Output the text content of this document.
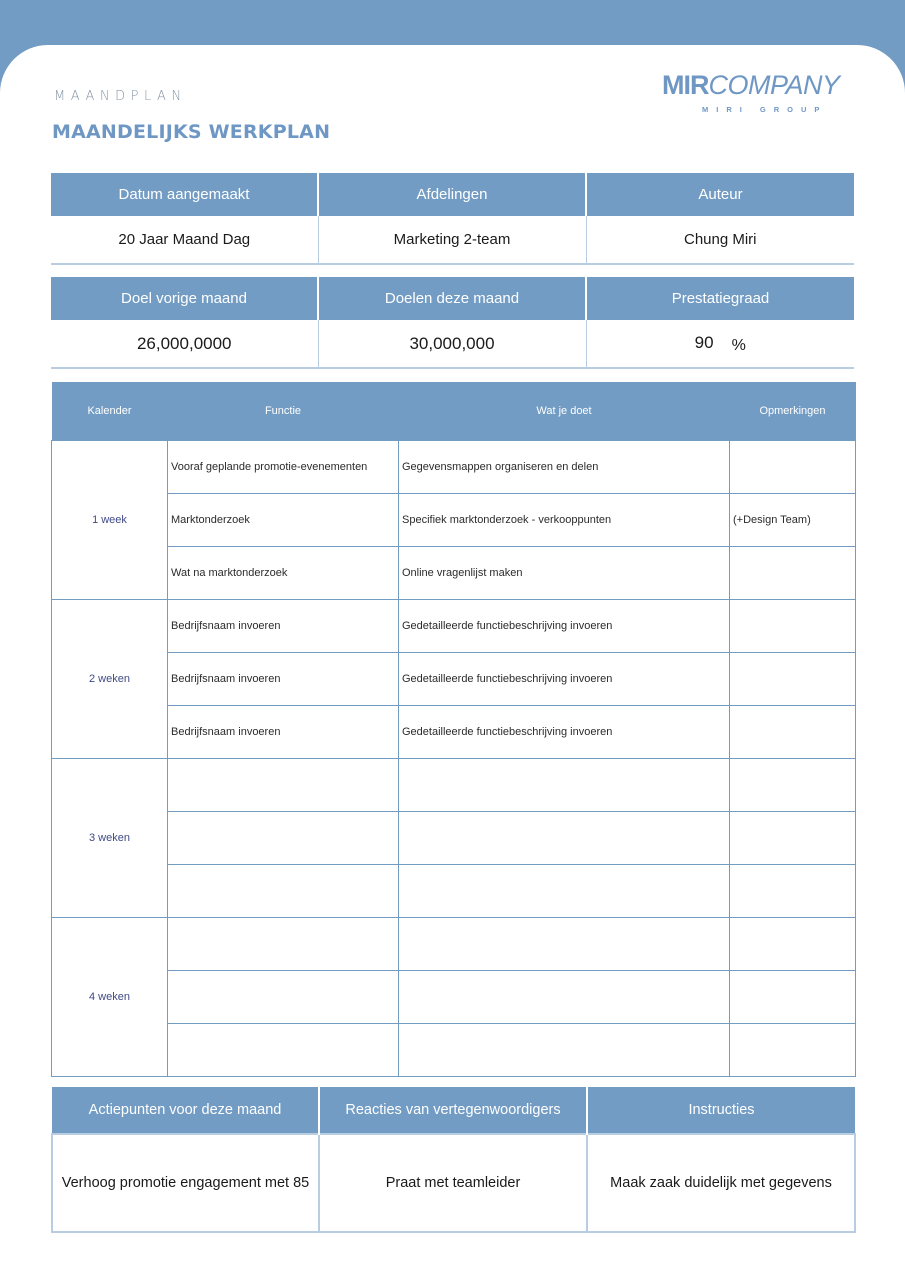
MAANDPLAN
MAANDELIJKS WERKPLAN
MIRCOMPANY
MIRI GROUP
Datum aangemaakt	Afdelingen	Auteur
20 Jaar Maand Dag	Marketing 2-team	Chung Miri
Doel vorige maand	Doelen deze maand	Prestatiegraad
26,000,0000	30,000,000	90 %
Kalender	Functie	Wat je doet	Opmerkingen
1 week	Vooraf geplande promotie-evenementen	Gegevensmappen organiseren en delen	
	Marktonderzoek	Specifiek marktonderzoek - verkooppunten	(+Design Team)
	Wat na marktonderzoek	Online vragenlijst maken	
2 weken	Bedrijfsnaam invoeren	Gedetailleerde functiebeschrijving invoeren	
	Bedrijfsnaam invoeren	Gedetailleerde functiebeschrijving invoeren	
	Bedrijfsnaam invoeren	Gedetailleerde functiebeschrijving invoeren	
3 weken			

4 weken			

Actiepunten voor deze maand	Reacties van vertegenwoordigers	Instructies
Verhoog promotie engagement met 85	Praat met teamleider	Maak zaak duidelijk met gegevens
